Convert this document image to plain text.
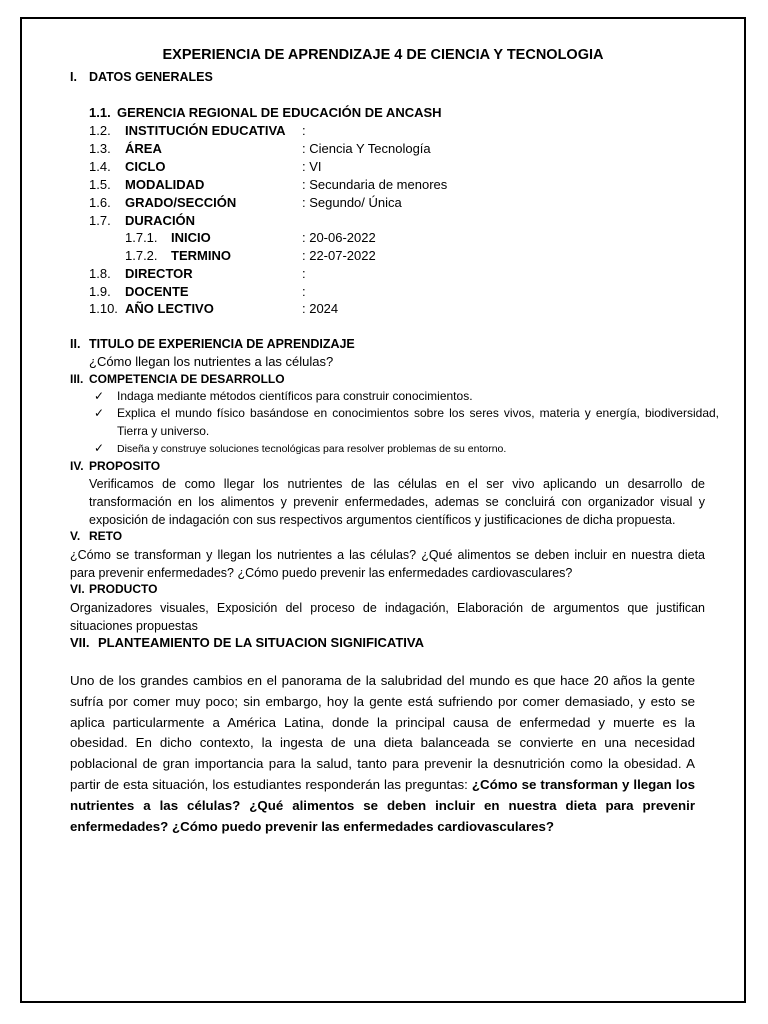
EXPERIENCIA DE APRENDIZAJE 4 DE CIENCIA Y TECNOLOGIA
I. DATOS GENERALES
1.1. GERENCIA REGIONAL DE EDUCACIÓN DE ANCASH
1.2. INSTITUCIÓN EDUCATIVA :
1.3. ÁREA	: Ciencia Y Tecnología
1.4. CICLO	: VI
1.5. MODALIDAD	: Secundaria de menores
1.6. GRADO/SECCIÓN	: Segundo/ Única
1.7. DURACIÓN
1.7.1. INICIO	: 20-06-2022
1.7.2. TERMINO	: 22-07-2022
1.8. DIRECTOR	:
1.9. DOCENTE	:
1.10. AÑO LECTIVO	: 2024
II. TITULO DE EXPERIENCIA DE APRENDIZAJE
¿Cómo llegan los nutrientes a las células?
III. COMPETENCIA DE DESARROLLO
✓ Indaga mediante métodos científicos para construir conocimientos.
✓ Explica el mundo físico basándose en conocimientos sobre los seres vivos, materia y energía, biodiversidad, Tierra y universo.
✓ Diseña y construye soluciones tecnológicas para resolver problemas de su entorno.
IV. PROPOSITO
Verificamos de como llegar los nutrientes de las células en el ser vivo aplicando un desarrollo de transformación en los alimentos y prevenir enfermedades, ademas se concluirá con organizador visual y exposición de indagación con sus respectivos argumentos científicos y justificaciones de dicha propuesta.
V. RETO
¿Cómo se transforman y llegan los nutrientes a las células? ¿Qué alimentos se deben incluir en nuestra dieta para prevenir enfermedades? ¿Cómo puedo prevenir las enfermedades cardiovasculares?
VI. PRODUCTO
Organizadores visuales, Exposición del proceso de indagación, Elaboración de argumentos que justifican situaciones propuestas
VII. PLANTEAMIENTO DE LA SITUACION SIGNIFICATIVA
Uno de los grandes cambios en el panorama de la salubridad del mundo es que hace 20 años la gente sufría por comer muy poco; sin embargo, hoy la gente está sufriendo por comer demasiado, y esto se aplica particularmente a América Latina, donde la principal causa de enfermedad y muerte es la obesidad. En dicho contexto, la ingesta de una dieta balanceada se convierte en una necesidad poblacional de gran importancia para la salud, tanto para prevenir la desnutrición como la obesidad. A partir de esta situación, los estudiantes responderán las preguntas: ¿Cómo se transforman y llegan los nutrientes a las células? ¿Qué alimentos se deben incluir en nuestra dieta para prevenir enfermedades? ¿Cómo puedo prevenir las enfermedades cardiovasculares?
